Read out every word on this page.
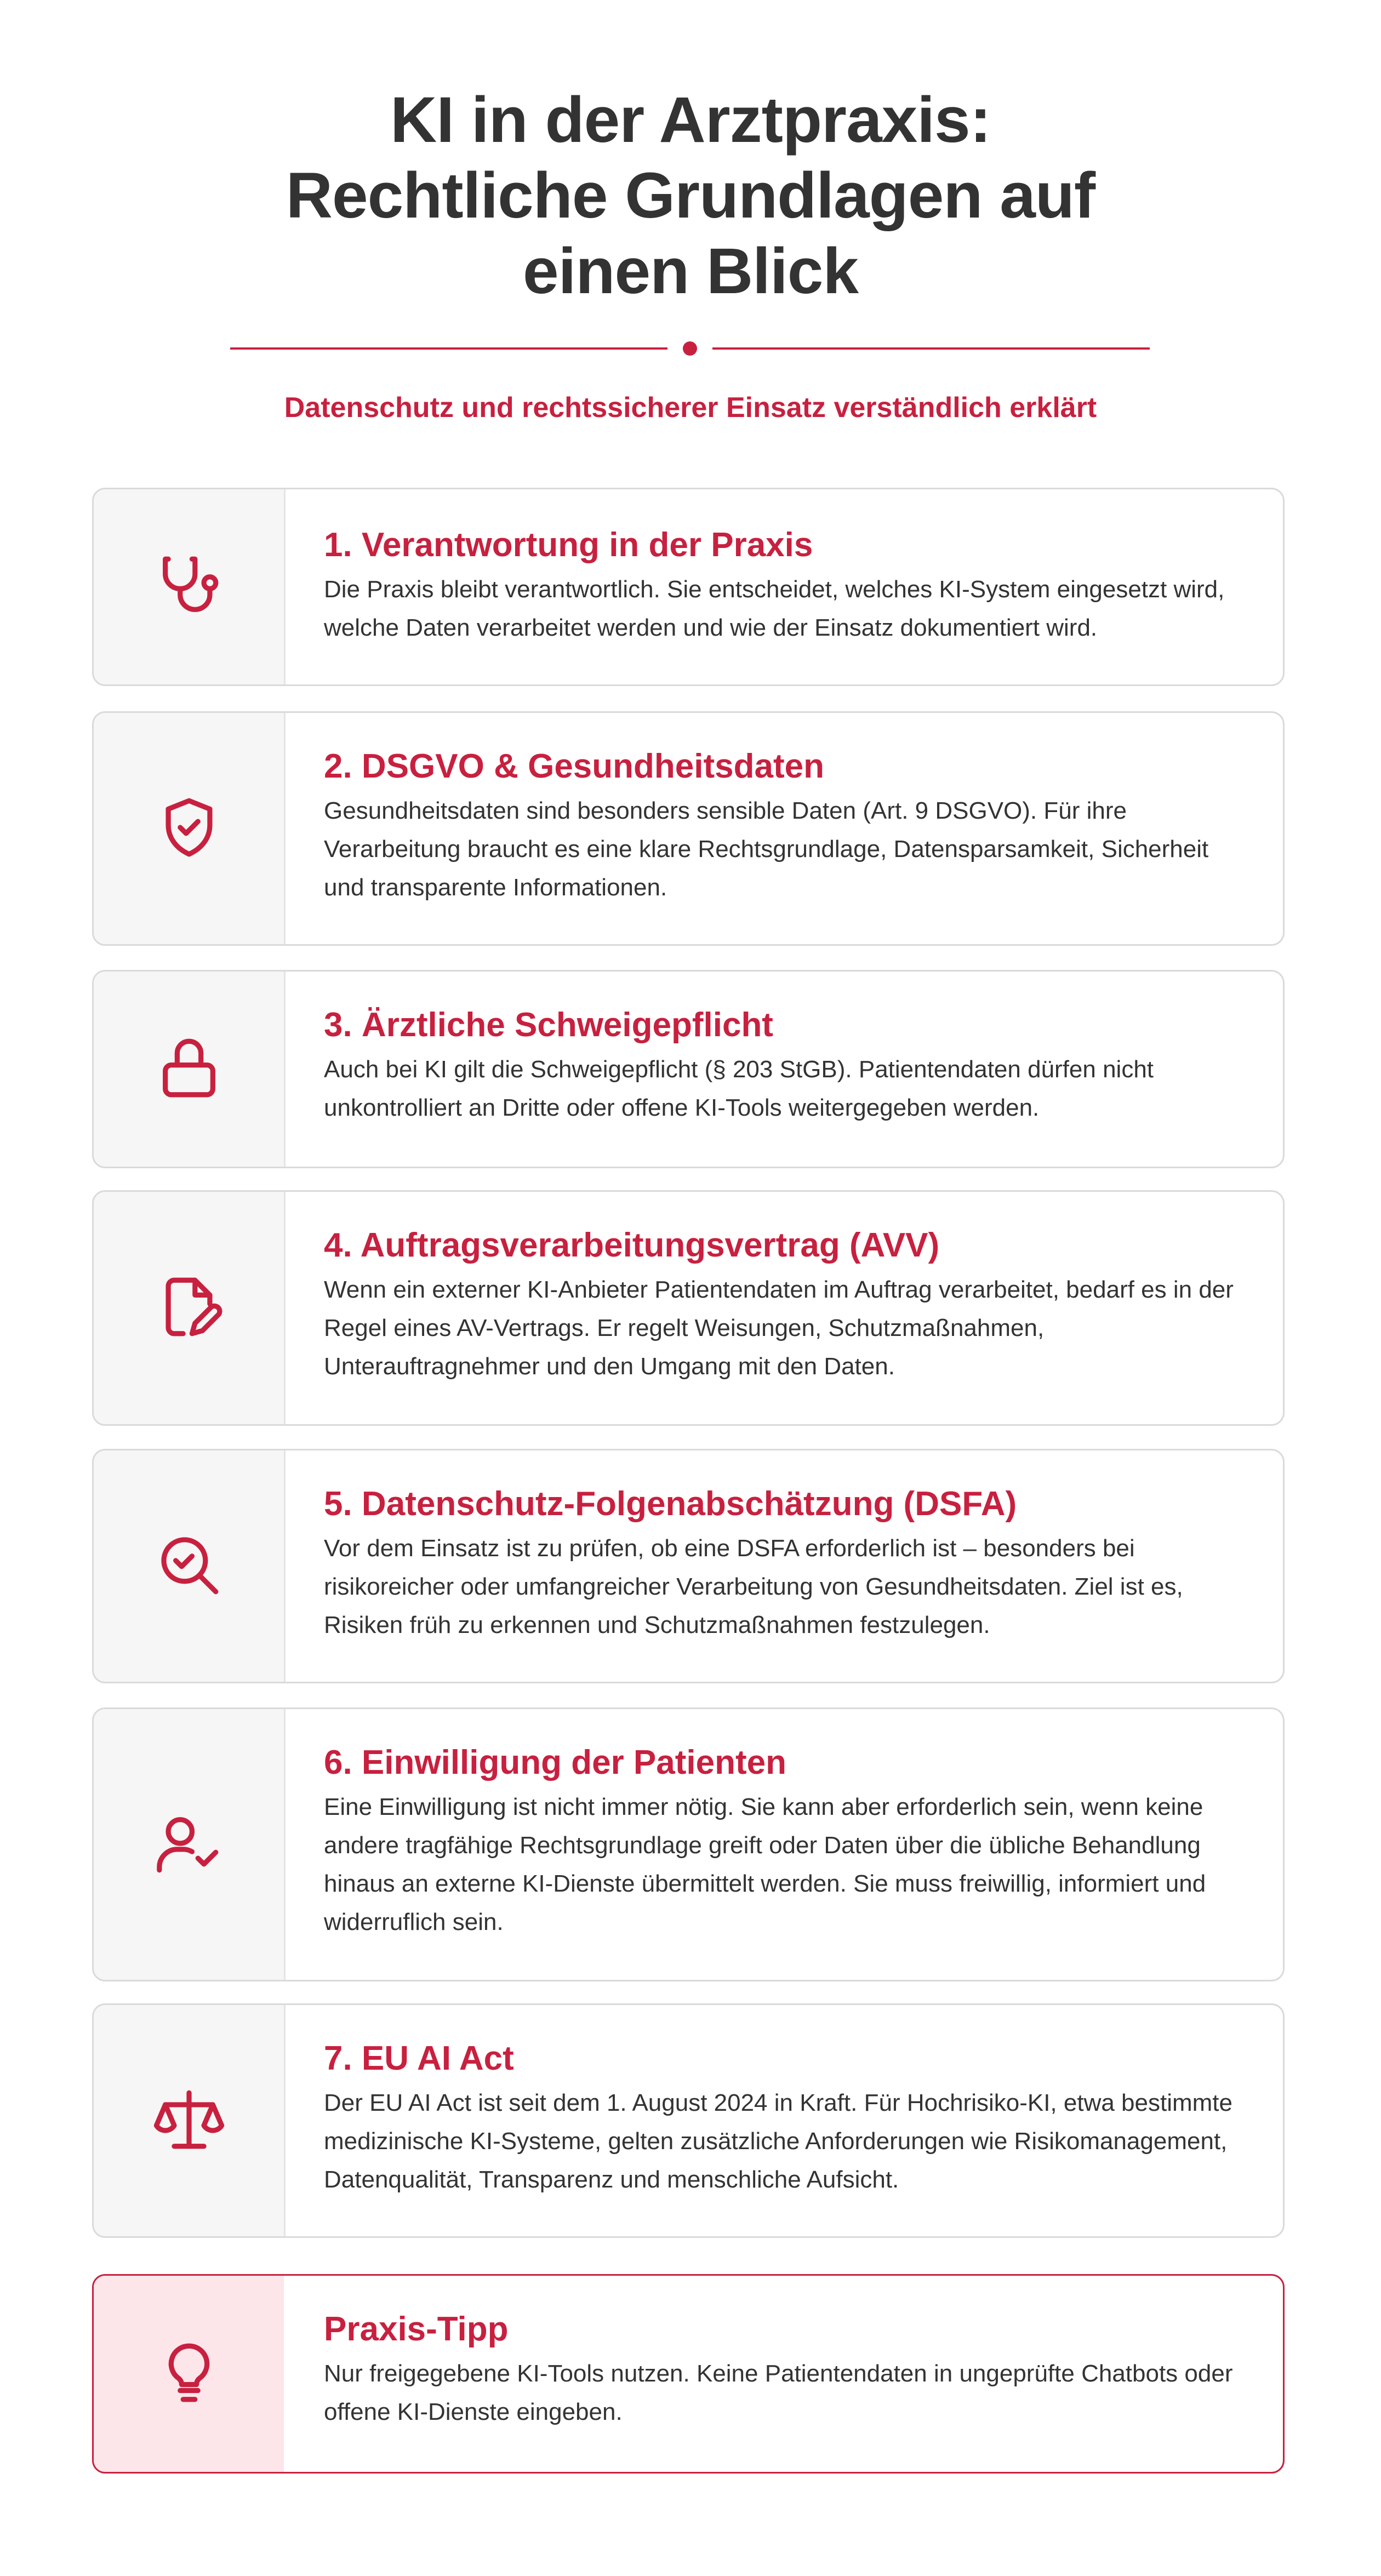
KI in der Arztpraxis:
Rechtliche Grundlagen auf
einen Blick
Datenschutz und rechtssicherer Einsatz verständlich erklärt
1. Verantwortung in der Praxis

Die Praxis bleibt verantwortlich. Sie entscheidet, welches KI-System eingesetzt wird, welche Daten verarbeitet werden und wie der Einsatz dokumentiert wird.

2. DSGVO & Gesundheitsdaten

Gesundheitsdaten sind besonders sensible Daten (Art. 9 DSGVO). Für ihre Verarbeitung braucht es eine klare Rechtsgrundlage, Datensparsamkeit, Sicherheit und transparente Informationen.

3. Ärztliche Schweigepflicht

Auch bei KI gilt die Schweigepflicht (§ 203 StGB). Patientendaten dürfen nicht unkontrolliert an Dritte oder offene KI-Tools weitergegeben werden.

4. Auftragsverarbeitungsvertrag (AVV)

Wenn ein externer KI-Anbieter Patientendaten im Auftrag verarbeitet, bedarf es in der Regel eines AV-Vertrags. Er regelt Weisungen, Schutzmaßnahmen, Unterauftragnehmer und den Umgang mit den Daten.

5. Datenschutz-Folgenabschätzung (DSFA)

Vor dem Einsatz ist zu prüfen, ob eine DSFA erforderlich ist – besonders bei risikoreicher oder umfangreicher Verarbeitung von Gesundheitsdaten. Ziel ist es, Risiken früh zu erkennen und Schutzmaßnahmen festzulegen.

6. Einwilligung der Patienten

Eine Einwilligung ist nicht immer nötig. Sie kann aber erforderlich sein, wenn keine andere tragfähige Rechtsgrundlage greift oder Daten über die übliche Behandlung hinaus an externe KI-Dienste übermittelt werden. Sie muss freiwillig, informiert und widerruflich sein.

7. EU AI Act

Der EU AI Act ist seit dem 1. August 2024 in Kraft. Für Hochrisiko-KI, etwa bestimmte medizinische KI-Systeme, gelten zusätzliche Anforderungen wie Risikomanagement, Datenqualität, Transparenz und menschliche Aufsicht.

Praxis-Tipp

Nur freigegebene KI-Tools nutzen. Keine Patientendaten in ungeprüfte Chatbots oder offene KI-Dienste eingeben.
